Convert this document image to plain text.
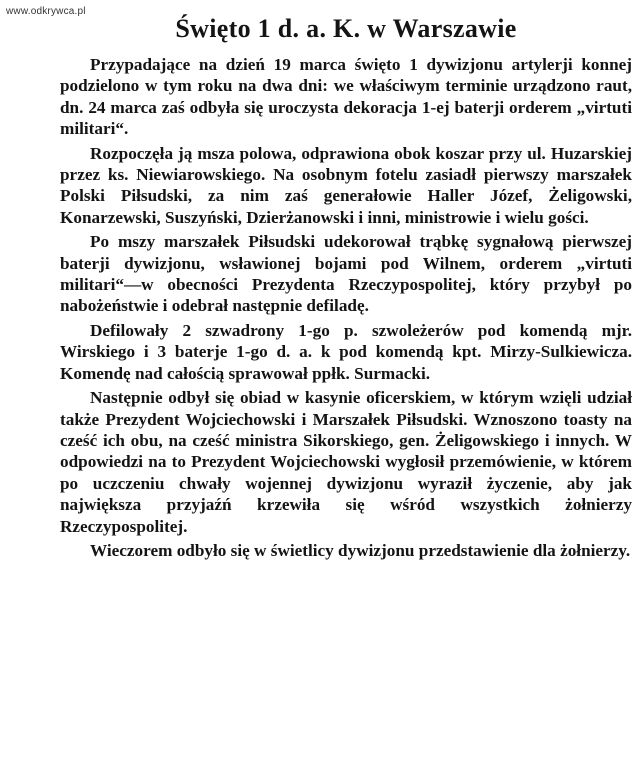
www.odkrywca.pl
Święto 1 d. a. K. w Warszawie

Przypadające na dzień 19 marca święto 1 dywizjonu artylerji konnej podzielono w tym roku na dwa dni: we właściwym terminie urządzono raut, dn. 24 marca zaś odbyła się uroczysta dekoracja 1-ej baterji orderem „virtuti militari“.

Rozpoczęła ją msza polowa, odprawiona obok koszar przy ul. Huzarskiej przez ks. Niewiarowskiego. Na osobnym fotelu zasiadł pierwszy marszałek Polski Piłsudski, za nim zaś generałowie Haller Józef, Żeligowski, Konarzewski, Suszyński, Dzierżanowski i inni, ministrowie i wielu gości.

Po mszy marszałek Piłsudski udekorował trąbkę sygnałową pierwszej baterji dywizjonu, wsławionej bojami pod Wilnem, orderem „virtuti militari“—w obecności Prezydenta Rzeczypospolitej, który przybył po nabożeństwie i odebrał następnie defiladę.

Defilowały 2 szwadrony 1-go p. szwoleżerów pod komendą mjr. Wirskiego i 3 baterje 1-go d. a. k pod komendą kpt. Mirzy-Sulkiewicza. Komendę nad całością sprawował ppłk. Surmacki.

Następnie odbył się obiad w kasynie oficerskiem, w którym wzięli udział także Prezydent Wojciechowski i Marszałek Piłsudski. Wznoszono toasty na cześć ich obu, na cześć ministra Sikorskiego, gen. Żeligowskiego i innych. W odpowiedzi na to Prezydent Wojciechowski wygłosił przemówienie, w którem po uczczeniu chwały wojennej dywizjonu wyraził życzenie, aby jak największa przyjaźń krzewiła się wśród wszystkich żołnierzy Rzeczypospolitej.

Wieczorem odbyło się w świetlicy dywizjonu przedstawienie dla żołnierzy.
